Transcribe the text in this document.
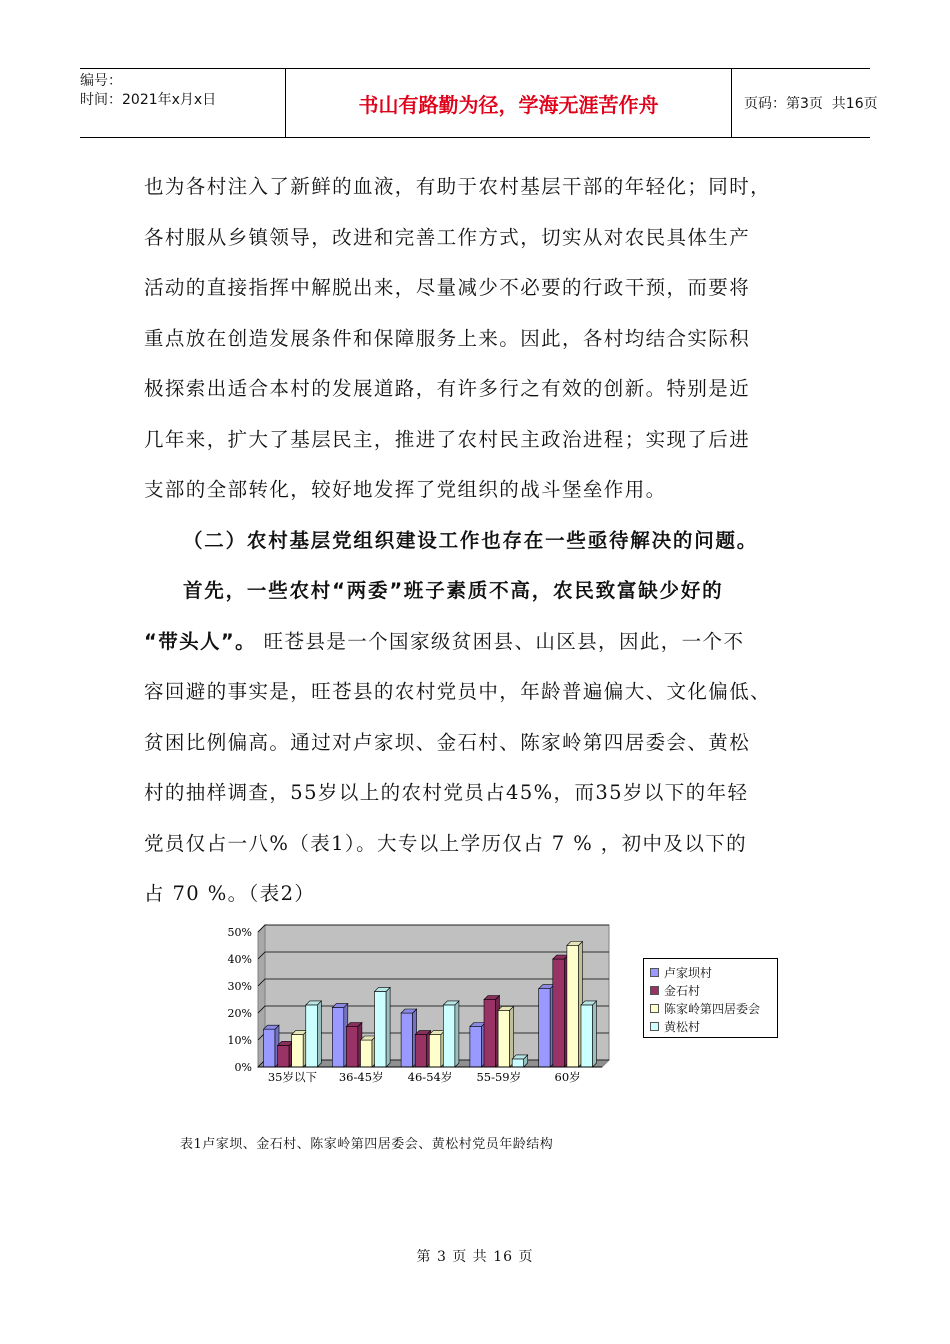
编号：
时间：2021年x月x日	书山有路勤为径，学海无涯苦作舟	页码：第3页  共16页

也为各村注入了新鲜的血液，有助于农村基层干部的年轻化；同时，

各村服从乡镇领导，改进和完善工作方式，切实从对农民具体生产

活动的直接指挥中解脱出来，尽量减少不必要的行政干预，而要将

重点放在创造发展条件和保障服务上来。因此，各村均结合实际积

极探索出适合本村的发展道路，有许多行之有效的创新。特别是近

几年来，扩大了基层民主，推进了农村民主政治进程；实现了后进

支部的全部转化，较好地发挥了党组织的战斗堡垒作用。

（二）农村基层党组织建设工作也存在一些亟待解决的问题。

首先，一些农村“两委”班子素质不高，农民致富缺少好的

“带头人”。 旺苍县是一个国家级贫困县、山区县，因此，一个不

容回避的事实是，旺苍县的农村党员中，年龄普遍偏大、文化偏低、

贫困比例偏高。通过对卢家坝、金石村、陈家岭第四居委会、黄松

村的抽样调查，55岁以上的农村党员占45%，而35岁以下的年轻

党员仅占一八%（表1）。大专以上学历仅占 7 % ，初中及以下的

占 70 %。（表2）

0%
10%
20%
30%
40%
50%
35岁以下 36-45岁 46-54岁 55-59岁	60岁
卢家坝村
金石村
陈家岭第四居委会
黄松村
表1卢家坝、金石村、陈家岭第四居委会、黄松村党员年龄结构
第 3 页 共 16 页
